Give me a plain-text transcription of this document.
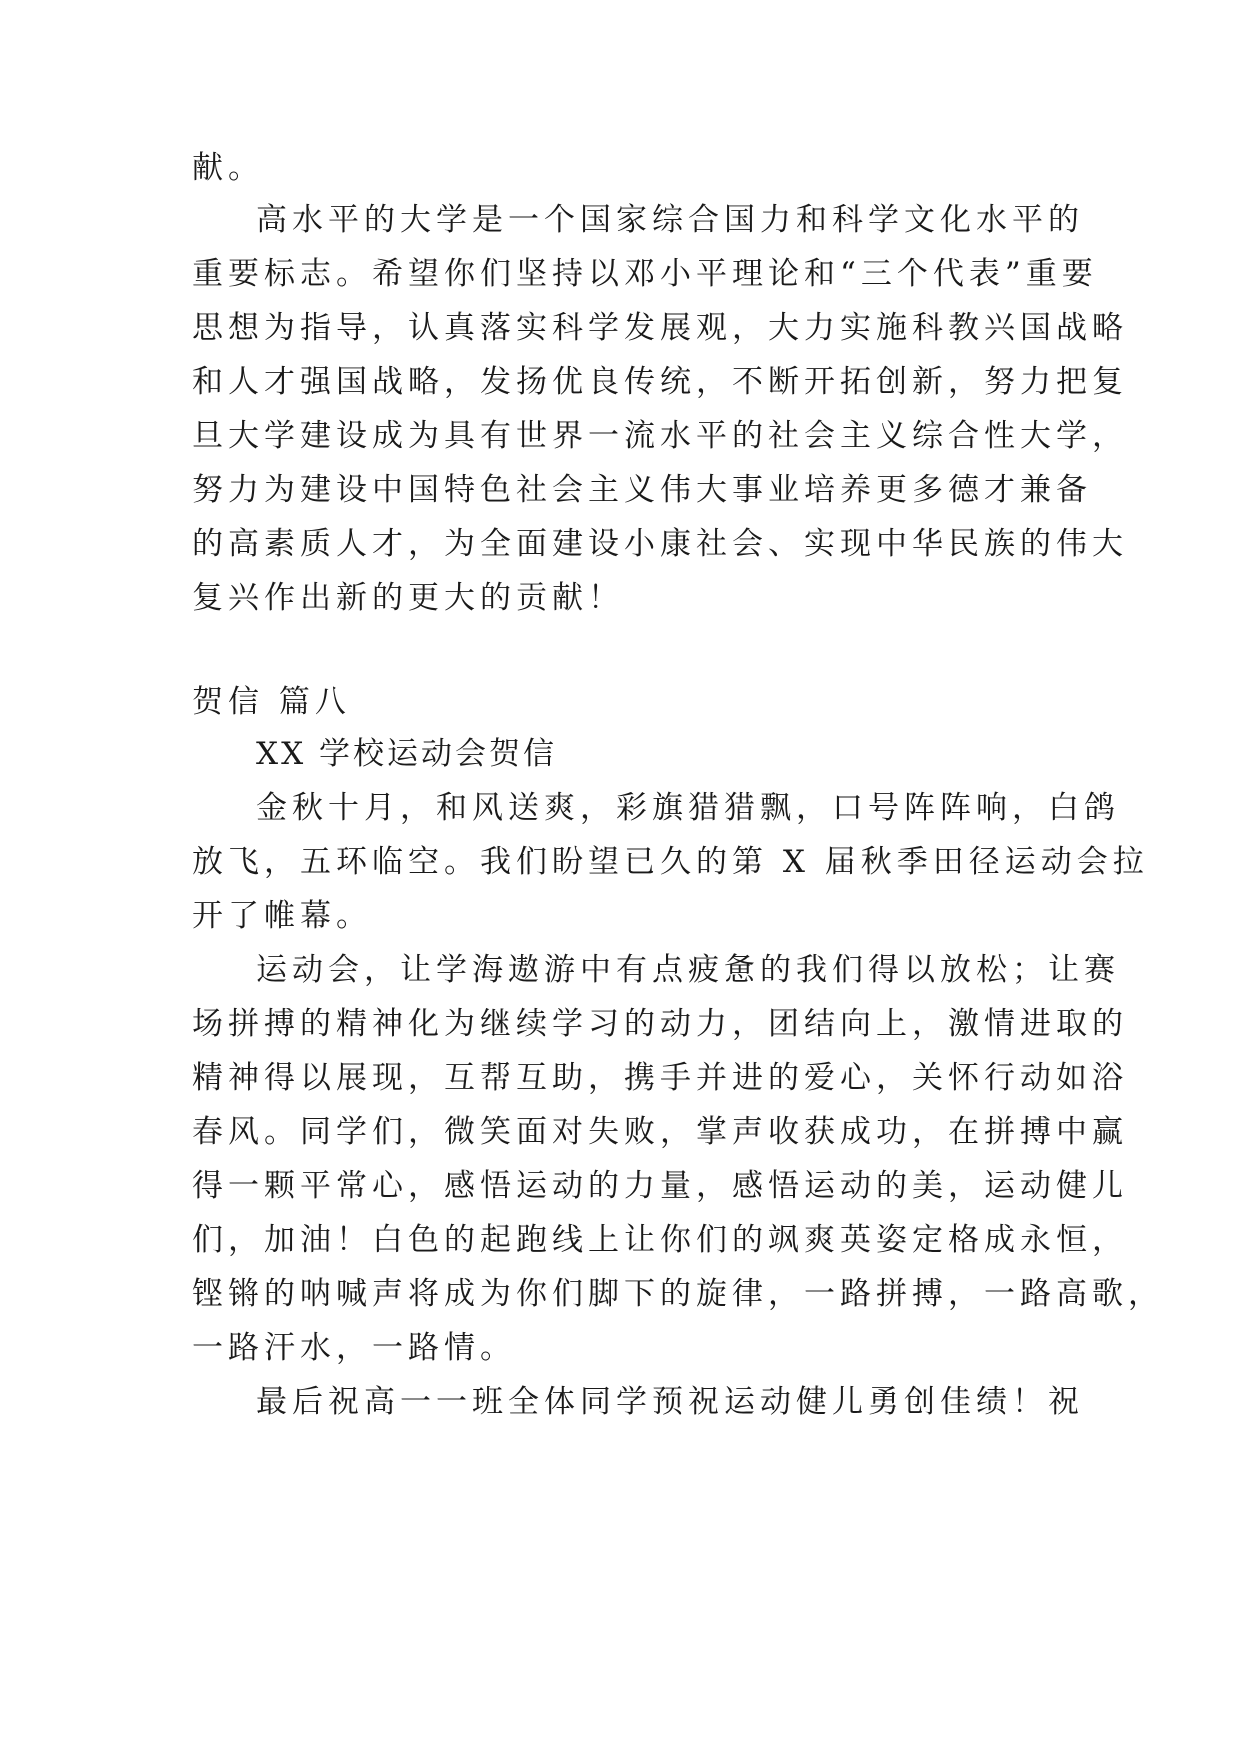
献。
高水平的大学是一个国家综合国力和科学文化水平的
重要标志。希望你们坚持以邓小平理论和“三个代表”重要
思想为指导，认真落实科学发展观，大力实施科教兴国战略
和人才强国战略，发扬优良传统，不断开拓创新，努力把复
旦大学建设成为具有世界一流水平的社会主义综合性大学，
努力为建设中国特色社会主义伟大事业培养更多德才兼备
的高素质人才，为全面建设小康社会、实现中华民族的伟大
复兴作出新的更大的贡献！
贺信 篇八
XX 学校运动会贺信
金秋十月，和风送爽，彩旗猎猎飘，口号阵阵响，白鸽
放飞，五环临空。我们盼望已久的第 X 届秋季田径运动会拉
开了帷幕。
运动会，让学海遨游中有点疲惫的我们得以放松；让赛
场拼搏的精神化为继续学习的动力，团结向上，激情进取的
精神得以展现，互帮互助，携手并进的爱心，关怀行动如浴
春风。同学们，微笑面对失败，掌声收获成功，在拼搏中赢
得一颗平常心，感悟运动的力量，感悟运动的美，运动健儿
们，加油！白色的起跑线上让你们的飒爽英姿定格成永恒，
铿锵的呐喊声将成为你们脚下的旋律，一路拼搏，一路高歌，
一路汗水，一路情。
最后祝高一一班全体同学预祝运动健儿勇创佳绩！祝
